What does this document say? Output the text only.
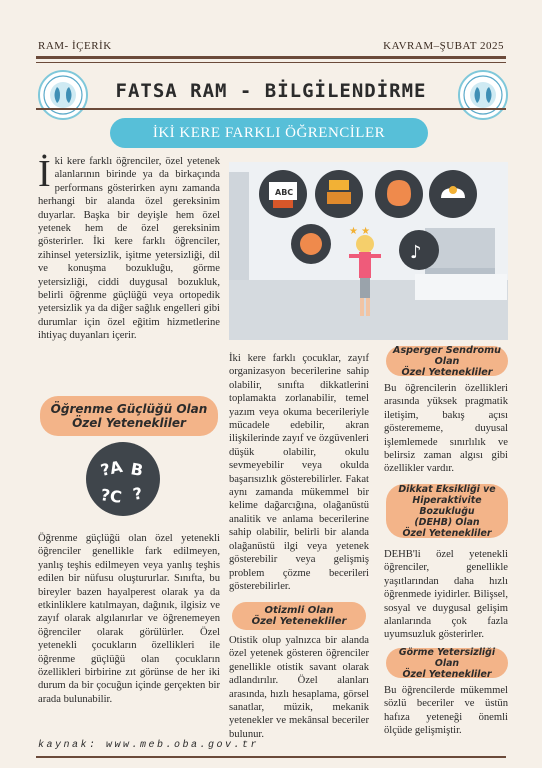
RAM- İÇERİK	KAVRAM–ŞUBAT 2025
FATSA RAM - BİLGİLENDİRME
İKİ KERE FARKLI ÖĞRENCİLER
İ ki kere farklı öğrenciler, özel yetenek alanlarının birinde ya da birkaçında performans gösterirken aynı zamanda herhangi bir alanda özel gereksinim duyarlar. Başka bir deyişle hem özel yetenek hem de özel gereksinim gösterirler. İki kere farklı öğrenciler, zihinsel yetersizlik, işitme yetersizliği, dil ve konuşma bozukluğu, görme yetersizliği, ciddi duygusal bozukluk, belirli öğrenme güçlüğü veya ortopedik yetersizlik ya da diğer sağlık engelleri gibi durumlar için özel eğitim hizmetlerine ihtiyaç duyanları içerir.

Öğrenme Güçlüğü Olan
Özel Yetenekliler
?A B
?C ?

Öğrenme güçlüğü olan özel yetenekli öğrenciler genellikle fark edilmeyen, yanlış teşhis edilmeyen veya yanlış teşhis edilen bir nüfusu oluştururlar. Sınıfta, bu bireyler bazen hayalperest olarak ya da etkinliklere katılmayan, dağınık, ilgisiz ve zayıf olarak algılanırlar ve öğrenemeyen öğrenciler olarak görülürler. Özel yetenekli çocukların özellikleri ile öğrenme güçlüğü olan çocukların özellikleri birbirine zıt görünse de her iki durum da bir çocuğun içinde gerçekten bir arada bulunabilir.

ABC
♪
★ ★

İki kere farklı çocuklar, zayıf organizasyon becerilerine sahip olabilir, sınıfta dikkatlerini toplamakta zorlanabilir, temel yazım veya okuma becerileriyle mücadele edebilir, akran ilişkilerinde zayıf ve özgüvenleri düşük olabilir, okulu sevmeyebilir veya okulda başarısızlık gösterebilirler. Fakat aynı zamanda mükemmel bir kelime dağarcığına, olağanüstü analitik ve anlama becerilerine sahip olabilir, belirli bir alanda olağanüstü ilgi veya yetenek gösterebilir veya gelişmiş problem çözme becerileri gösterebilirler.

Otizmli Olan
Özel Yetenekliler

Otistik olup yalnızca bir alanda özel yetenek gösteren öğrenciler genellikle otistik savant olarak adlandırılır. Özel alanları arasında, hızlı hesaplama, görsel sanatlar, müzik, mekanik yetenekler ve mekânsal beceriler bulunur.

Asperger Sendromu Olan
Özel Yetenekliler

Bu öğrencilerin özellikleri arasında yüksek pragmatik iletişim, bakış açısı gösterememe, duyusal işlemlemede sınırlılık ve belirsiz zaman algısı gibi özellikler vardır.

Dikkat Eksikliği ve
Hiperaktivite Bozukluğu
(DEHB) Olan
Özel Yetenekliler

DEHB'li özel yetenekli öğrenciler, genellikle yaşıtlarından daha hızlı öğrenmede iyidirler. Bilişsel, sosyal ve duygusal gelişim alanlarında çok fazla uyumsuzluk gösterirler.

Görme Yetersizliği Olan
Özel Yetenekliler

Bu öğrencilerde mükemmel sözlü beceriler ve üstün hafıza yeteneği önemli ölçüde gelişmiştir.

kaynak: www.meb.oba.gov.tr
